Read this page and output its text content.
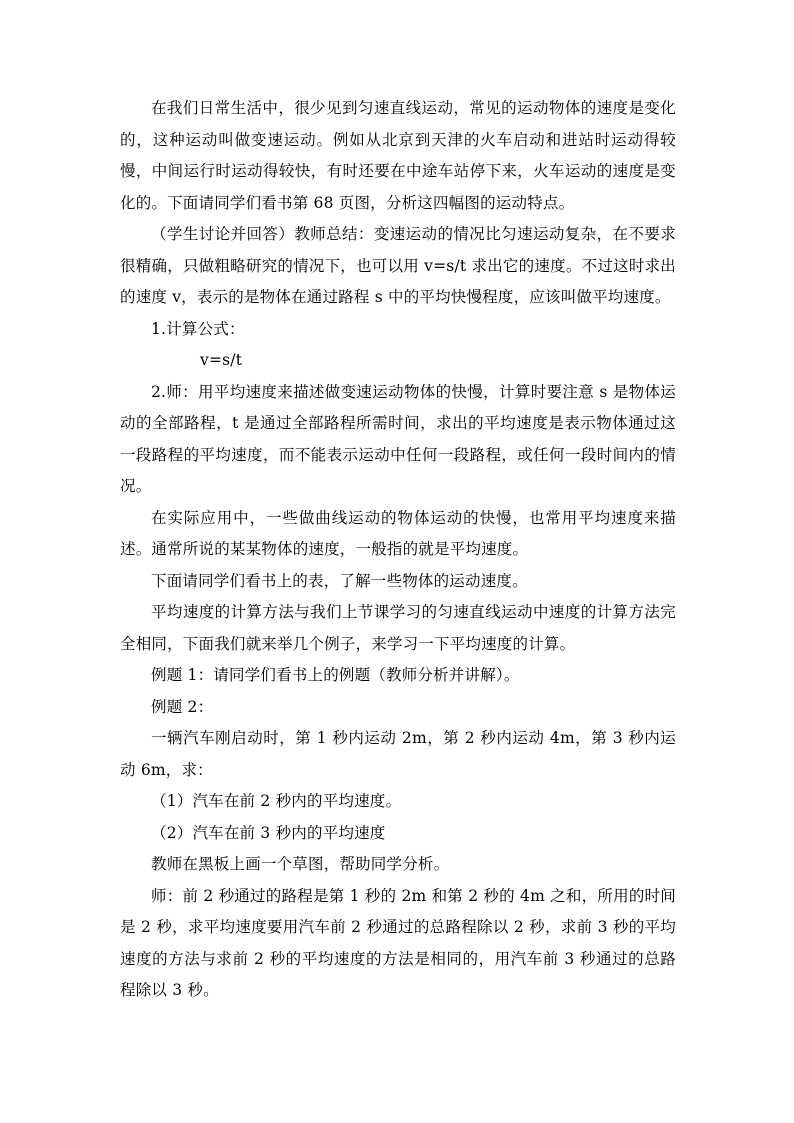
在我们日常生活中，很少见到匀速直线运动，常见的运动物体的速度是变化的，这种运动叫做变速运动。例如从北京到天津的火车启动和进站时运动得较慢，中间运行时运动得较快，有时还要在中途车站停下来，火车运动的速度是变化的。下面请同学们看书第 68 页图，分析这四幅图的运动特点。

（学生讨论并回答）教师总结：变速运动的情况比匀速运动复杂，在不要求很精确，只做粗略研究的情况下，也可以用 v=s/t 求出它的速度。不过这时求出的速度 v，表示的是物体在通过路程 s 中的平均快慢程度，应该叫做平均速度。

1.计算公式：

v=s/t

2.师：用平均速度来描述做变速运动物体的快慢，计算时要注意 s 是物体运动的全部路程，t 是通过全部路程所需时间，求出的平均速度是表示物体通过这一段路程的平均速度，而不能表示运动中任何一段路程，或任何一段时间内的情况。

在实际应用中，一些做曲线运动的物体运动的快慢，也常用平均速度来描述。通常所说的某某物体的速度，一般指的就是平均速度。

下面请同学们看书上的表，了解一些物体的运动速度。

平均速度的计算方法与我们上节课学习的匀速直线运动中速度的计算方法完全相同，下面我们就来举几个例子，来学习一下平均速度的计算。

例题 1：请同学们看书上的例题（教师分析并讲解）。

例题 2：

一辆汽车刚启动时，第 1 秒内运动 2m，第 2 秒内运动 4m，第 3 秒内运动 6m，求：

（1）汽车在前 2 秒内的平均速度。

（2）汽车在前 3 秒内的平均速度

教师在黑板上画一个草图，帮助同学分析。

师：前 2 秒通过的路程是第 1 秒的 2m 和第 2 秒的 4m 之和，所用的时间是 2 秒，求平均速度要用汽车前 2 秒通过的总路程除以 2 秒，求前 3 秒的平均速度的方法与求前 2 秒的平均速度的方法是相同的，用汽车前 3 秒通过的总路程除以 3 秒。
